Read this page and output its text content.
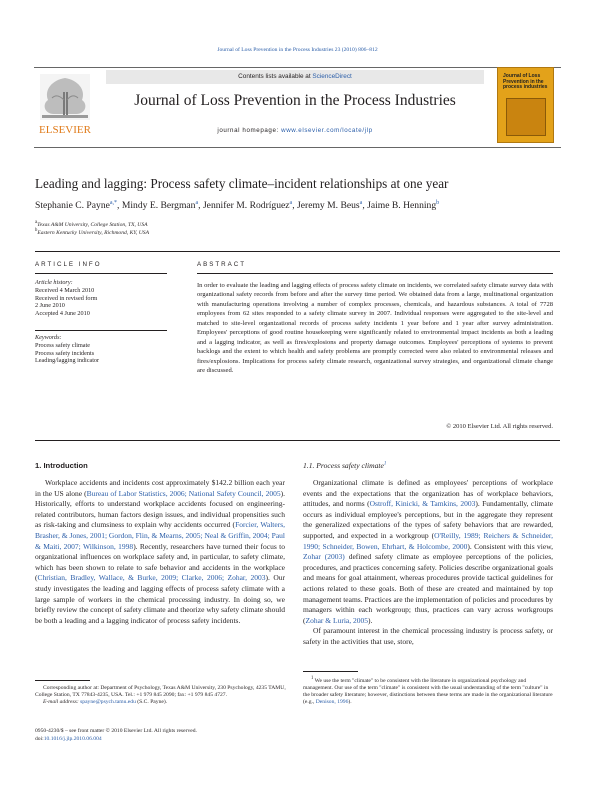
Journal of Loss Prevention in the Process Industries 23 (2010) 806–812
ELSEVIER
Contents lists available at ScienceDirect
Journal of Loss Prevention in the Process Industries
journal homepage: www.elsevier.com/locate/jlp
Journal of Loss Prevention in the process industries
Leading and lagging: Process safety climate–incident relationships at one year
Stephanie C. Payne$^{a,*}$, Mindy E. Bergman$^a$, Jennifer M. Rodríguez$^a$, Jeremy M. Beus$^a$, Jaime B. Henning$^b$
$^a$Texas A&M University, College Station, TX, USA
$^b$Eastern Kentucky University, Richmond, KY, USA
ARTICLE INFO	ABSTRACT
Article history:
Received 4 March 2010
Received in revised form
2 June 2010
Accepted 4 June 2010
Keywords:
Process safety climate
Process safety incidents
Leading/lagging indicator
In order to evaluate the leading and lagging effects of process safety climate on incidents, we correlated safety climate survey data with organizational safety records from before and after the survey time period. We obtained data from a large, multinational organization with manufacturing operations involving a number of complex processes, chemicals, and hazardous substances. A total of 7728 employees from 62 sites responded to a safety climate survey in 2007. Individual responses were aggregated to the site-level and matched to site-level organizational records of process safety incidents 1 year before and 1 year after survey administration. Employees' perceptions of good routine housekeeping were significantly related to environmental impact incidents as both a leading and a lagging indicator, as well as fires/explosions and property damage outcomes. Employees' perceptions of systems to prevent backlogs and the extent to which health and safety problems are promptly corrected were also related to environmental releases and fires/explosions. Implications for process safety climate research, organizational survey strategies, and organizational climate change are discussed.
© 2010 Elsevier Ltd. All rights reserved.
1. Introduction

Workplace accidents and incidents cost approximately $142.2 billion each year in the US alone (Bureau of Labor Statistics, 2006; National Safety Council, 2005). Historically, efforts to understand workplace accidents focused on engineering-related contributors, human factors design issues, and individual propensities such as risk-taking and clumsiness to explain why accidents occurred (Forcier, Walters, Brasher, & Jones, 2001; Gordon, Flin, & Mearns, 2005; Neal & Griffin, 2004; Paul & Maiti, 2007; Wilkinson, 1998). Recently, researchers have turned their focus to organizational influences on workplace safety and, in particular, to safety climate, which has been shown to relate to safe behavior and accidents in the workplace (Christian, Bradley, Wallace, & Burke, 2009; Clarke, 2006; Zohar, 2003). Our study investigates the leading and lagging effects of process safety climate with a large sample of workers in the chemical processing industry. In doing so, we briefly review the concept of safety climate and theorize why safety climate should be both a leading and a lagging indicator of process safety incidents.

1.1. Process safety climate$^1$

Organizational climate is defined as employees' perceptions of workplace events and the expectations that the organization has of workplace behaviors, attitudes, and norms (Ostroff, Kinicki, & Tamkins, 2003). Fundamentally, climate occurs as individual employee's perceptions, but in the aggregate they represent the generalized expectations of the types of safety behaviors that are rewarded, supported, and expected in a workgroup (O'Reilly, 1989; Reichers & Schneider, 1990; Schneider, Bowen, Ehrhart, & Holcombe, 2000). Consistent with this view, Zohar (2003) defined safety climate as employee perceptions of the policies, procedures, and practices concerning safety. Policies describe organizational goals and means for goal attainment, whereas procedures provide tactical guidelines for actions related to these goals. Both of these are created and maintained by top management teams. Practices are the implementation of policies and procedures by managers within each workgroup; thus, practices can vary across workgroups (Zohar & Luria, 2005).

Of paramount interest in the chemical processing industry is process safety, or safety in the activities that use, store,

Corresponding author at: Department of Psychology, Texas A&M University, 230 Psychology, 4235 TAMU, College Station, TX 77843-4235, USA. Tel.: +1 979 845 2090; fax: +1 979 845 4727.
E-mail address: spayne@psych.tamu.edu (S.C. Payne).
$^1$ We use the term "climate" to be consistent with the literature in organizational psychology and management. Our use of the term "climate" is consistent with the usual understanding of the term "culture" in the broader safety literature; however, distinctions between these terms are made in the organizational literature (e.g., Denison, 1996).
0950-4230/$ – see front matter © 2010 Elsevier Ltd. All rights reserved.
doi:10.1016/j.jlp.2010.06.004
